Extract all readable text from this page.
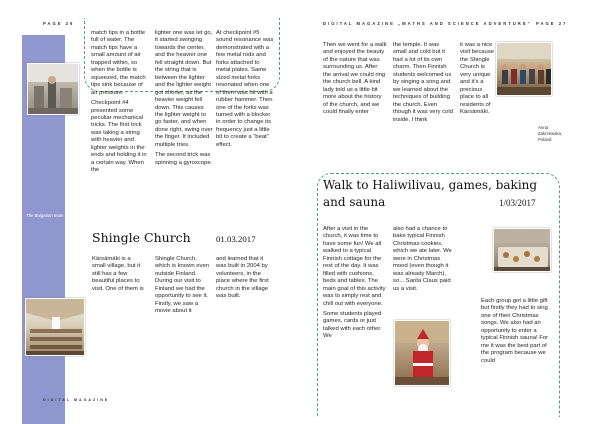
PAGE 26	DIGITAL MAGAZINE „MATHS AND SCIENCE ADVENTURE“ PAGE 27
The Bulgarian team

match tips in a bottle full of water. The match tips have a small amount of air trapped within, so when the bottle is squeezed, the match tips sink because of air pressure.

Checkpoint #4 presented some peculiar mechanical tricks. The first trick was taking a string with heavier and lighter weights in the ends and holding it in a certain way. When the

lighter one was let go, it started swinging towards the center, and the heavier one fell straight down. But the string that is between the lighter and the lighter weight got shorter, as the heavier weight fell down. This causes the lighter weight to go faster, and when done right, swing over the finger. It included multiple tries.

The second trick was spinning a gyroscope.

At checkpoint #5 sound resonance was demonstrated with a few metal rods and forks attached to metal plates. Same sized metal forks resonated when one of them was hit with a rubber hammer. Then one of the forks was turned with a blocker in order to change its frequency just a little bit to create a “beat” effect.

Shingle Church	01.03.2017
Kärsämäki is a small village, but it still has a few beautiful places to visit. One of them is
Shingle Church, which is known even outside Finland. During our visit to Finland we had the opportunity to see it. Firstly, we saw a movie about it
and learned that it was built in 2004 by volunteers, in the place where the first church in the village was built.
DIGITAL MAGAZINE
Then we went for a walk and enjoyed the beauty of the nature that was surrounding us. After the arrival we could ring the church bell. A kind lady told us a little bit more about the history of the church, and we could finally enter
the temple. It was small and cold but it had a lot of its own charm. Then Finnish students welcomed us by singing a song and we learned about the techniques of building the church. Even though it was very cold inside, I think
it was a nice visit because the Shingle Church is very unique and it’s a precious place to all residents of Kärsämäki.
Anna Zakrzewska, Poland
Walk to Haliwilivau, games, baking
and sauna	1/03/2017

After a visit in the church, it was time to have some fun! We all walked to a typical Finnish cottage for the rest of the day. It was filled with cushions, beds and tables. The main goal of this activity was to simply rest and chill out with everyone.

Some students played games, cards or just talked with each other. We

also had a chance to bake typical Finnish Christmas cookies, which we ate later. We were in Christmas mood (even though it was already March), so... Santa Claus paid us a visit.
Each group got a little gift but firstly they had to sing one of their Christmas songs. We also had an opportunity to enter a typical Finnish sauna! For me it was the best part of the program because we could
